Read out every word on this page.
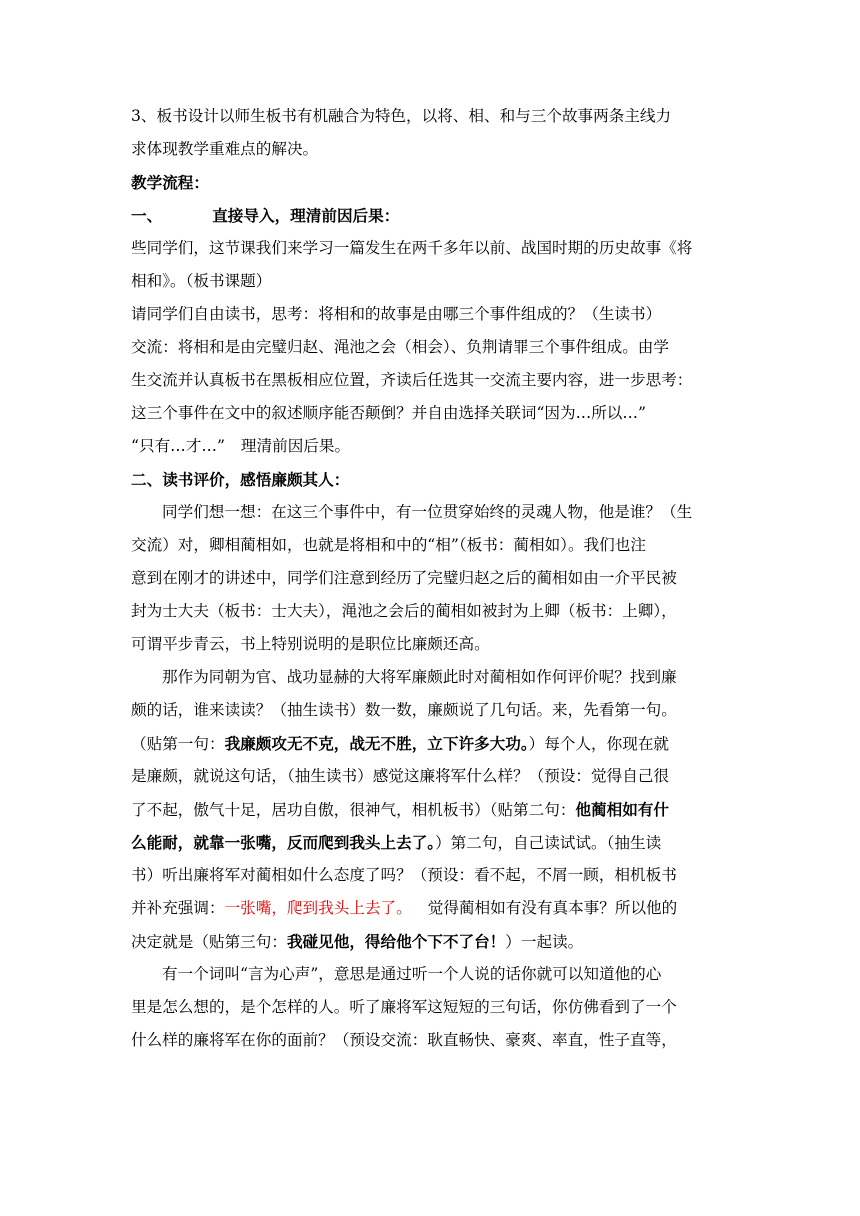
3、板书设计以师生板书有机融合为特色，以将、相、和与三个故事两条主线力
求体现教学重难点的解决。
教学流程：
一、	直接导入，理清前因后果：
些同学们，这节课我们来学习一篇发生在两千多年以前、战国时期的历史故事《将
相和》。（板书课题）
请同学们自由读书，思考：将相和的故事是由哪三个事件组成的？（生读书）
交流：将相和是由完璧归赵、渑池之会（相会）、负荆请罪三个事件组成。由学
生交流并认真板书在黑板相应位置，齐读后任选其一交流主要内容，进一步思考：
这三个事件在文中的叙述顺序能否颠倒？并自由选择关联词“因为…所以…”
“只有…才…” 理清前因后果。
二、读书评价，感悟廉颇其人：
同学们想一想：在这三个事件中，有一位贯穿始终的灵魂人物，他是谁？（生
交流）对，卿相蔺相如，也就是将相和中的“相”（板书：蔺相如）。我们也注
意到在刚才的讲述中，同学们注意到经历了完璧归赵之后的蔺相如由一介平民被
封为士大夫（板书：士大夫），渑池之会后的蔺相如被封为上卿（板书：上卿），
可谓平步青云，书上特别说明的是职位比廉颇还高。
那作为同朝为官、战功显赫的大将军廉颇此时对蔺相如作何评价呢？找到廉
颇的话，谁来读读？（抽生读书）数一数，廉颇说了几句话。来，先看第一句。
（贴第一句：我廉颇攻无不克，战无不胜，立下许多大功。）每个人，你现在就
是廉颇，就说这句话，（抽生读书）感觉这廉将军什么样？（预设：觉得自己很
了不起，傲气十足，居功自傲，很神气，相机板书）（贴第二句：他蔺相如有什
么能耐，就靠一张嘴，反而爬到我头上去了。）第二句，自己读试试。（抽生读
书）听出廉将军对蔺相如什么态度了吗？（预设：看不起，不屑一顾，相机板书
并补充强调：一张嘴，爬到我头上去了。 觉得蔺相如有没有真本事？所以他的
决定就是（贴第三句：我碰见他，得给他个下不了台！）一起读。
有一个词叫“言为心声”，意思是通过听一个人说的话你就可以知道他的心
里是怎么想的，是个怎样的人。听了廉将军这短短的三句话，你仿佛看到了一个
什么样的廉将军在你的面前？（预设交流：耿直畅快、豪爽、率直，性子直等，
